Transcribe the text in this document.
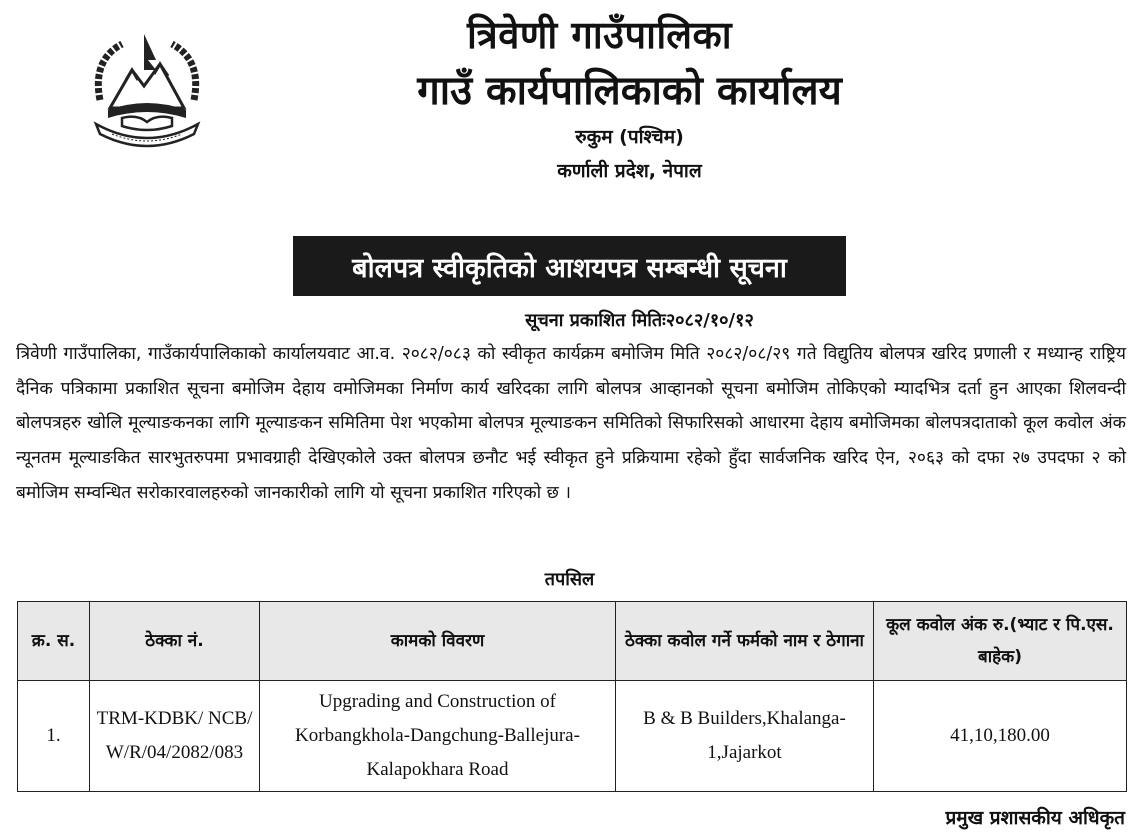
त्रिवेणी गाउँपालिका
गाउँ कार्यपालिकाको कार्यालय
रुकुम (पश्चिम)
कर्णाली प्रदेश, नेपाल
बोलपत्र स्वीकृतिको आशयपत्र सम्बन्धी सूचना
सूचना प्रकाशित मितिः२०८२/१०/१२
त्रिवेणी गाउँपालिका, गाउँकार्यपालिकाको कार्यालयवाट आ.व. २०८२/०८३ को स्वीकृत कार्यक्रम बमोजिम मिति २०८२/०८/२९ गते विद्युतिय बोलपत्र खरिद प्रणाली र मध्यान्ह राष्ट्रिय दैनिक पत्रिकामा प्रकाशित सूचना बमोजिम देहाय वमोजिमका निर्माण कार्य खरिदका लागि बोलपत्र आव्हानको सूचना बमोजिम तोकिएको म्यादभित्र दर्ता हुन आएका शिलवन्दी बोलपत्रहरु खोलि मूल्याङकनका लागि मूल्याङकन समितिमा पेश भएकोमा बोलपत्र मूल्याङकन समितिको सिफारिसको आधारमा देहाय बमोजिमका बोलपत्रदाताको कूल कवोल अंक न्यूनतम मूल्याङकित सारभुतरुपमा प्रभावग्राही देखिएकोले उक्त बोलपत्र छनौट भई स्वीकृत हुने प्रक्रियामा रहेको हुँदा सार्वजनिक खरिद ऐन, २०६३ को दफा २७ उपदफा २ को बमोजिम सम्वन्धित सरोकारवालहरुको जानकारीको लागि यो सूचना प्रकाशित गरिएको छ ।
तपसिल
क्र. स.	ठेक्का नं.	कामको विवरण	ठेक्का कवोल गर्ने फर्मको नाम र ठेगाना	कूल कवोल अंक रु.(भ्याट र पि.एस. बाहेक)
1.	TRM-KDBK/ NCB/ W/R/04/2082/083	Upgrading and Construction of Korbangkhola-Dangchung-Ballejura-Kalapokhara Road	B & B Builders,Khalanga-1,Jajarkot	41,10,180.00
प्रमुख प्रशासकीय अधिकृत
